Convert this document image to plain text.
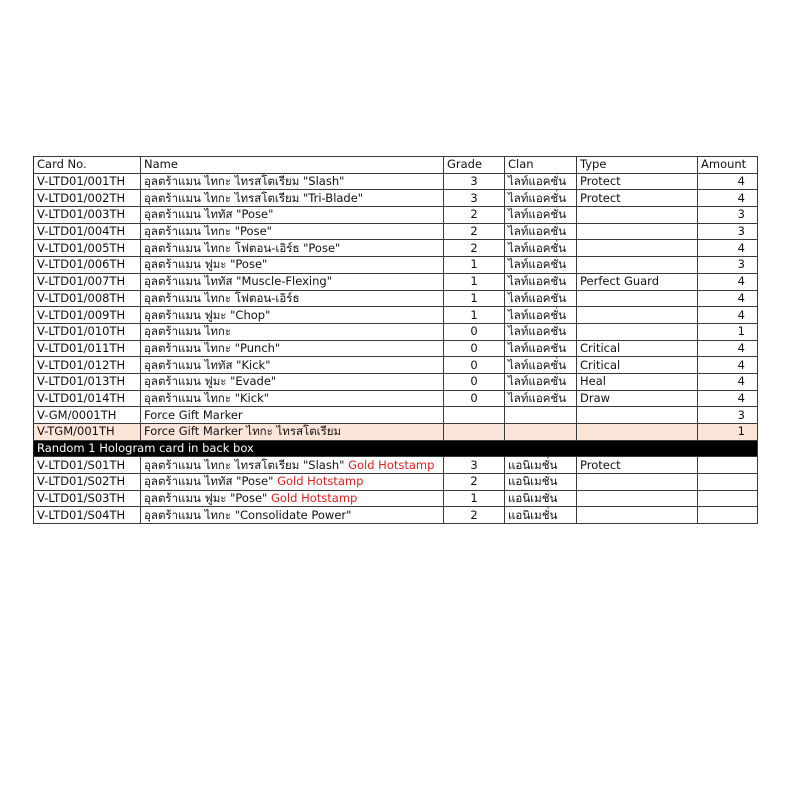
Card No.	Name	Grade	Clan	Type	Amount
V-LTD01/001TH	อุลตร้าแมน ไทกะ ไทรสโตเรียม "Slash"	3	ไลท์แอคชั่น	Protect	4
V-LTD01/002TH	อุลตร้าแมน ไทกะ ไทรสโตเรียม "Tri-Blade"	3	ไลท์แอคชั่น	Protect	4
V-LTD01/003TH	อุลตร้าแมน ไททัส "Pose"	2	ไลท์แอคชั่น		3
V-LTD01/004TH	อุลตร้าแมน ไทกะ "Pose"	2	ไลท์แอคชั่น		3
V-LTD01/005TH	อุลตร้าแมน ไทกะ โฟตอน-เอิร์ธ "Pose"	2	ไลท์แอคชั่น		4
V-LTD01/006TH	อุลตร้าแมน ฟูมะ "Pose"	1	ไลท์แอคชั่น		3
V-LTD01/007TH	อุลตร้าแมน ไททัส "Muscle-Flexing"	1	ไลท์แอคชั่น	Perfect Guard	4
V-LTD01/008TH	อุลตร้าแมน ไทกะ โฟตอน-เอิร์ธ	1	ไลท์แอคชั่น		4
V-LTD01/009TH	อุลตร้าแมน ฟูมะ "Chop"	1	ไลท์แอคชั่น		4
V-LTD01/010TH	อุลตร้าแมน ไทกะ	0	ไลท์แอคชั่น		1
V-LTD01/011TH	อุลตร้าแมน ไทกะ "Punch"	0	ไลท์แอคชั่น	Critical	4
V-LTD01/012TH	อุลตร้าแมน ไททัส "Kick"	0	ไลท์แอคชั่น	Critical	4
V-LTD01/013TH	อุลตร้าแมน ฟูมะ "Evade"	0	ไลท์แอคชั่น	Heal	4
V-LTD01/014TH	อุลตร้าแมน ไทกะ "Kick"	0	ไลท์แอคชั่น	Draw	4
V-GM/0001TH	Force Gift Marker				3
V-TGM/001TH	Force Gift Marker ไทกะ ไทรสโตเรียม				1
Random 1 Hologram card in back box					
V-LTD01/S01TH	อุลตร้าแมน ไทกะ ไทรสโตเรียม "Slash" Gold Hotstamp	3	แอนิเมชั่น	Protect	
V-LTD01/S02TH	อุลตร้าแมน ไททัส "Pose" Gold Hotstamp	2	แอนิเมชั่น		
V-LTD01/S03TH	อุลตร้าแมน ฟูมะ "Pose" Gold Hotstamp	1	แอนิเมชั่น		
V-LTD01/S04TH	อุลตร้าแมน ไทกะ "Consolidate Power"	2	แอนิเมชั่น		
